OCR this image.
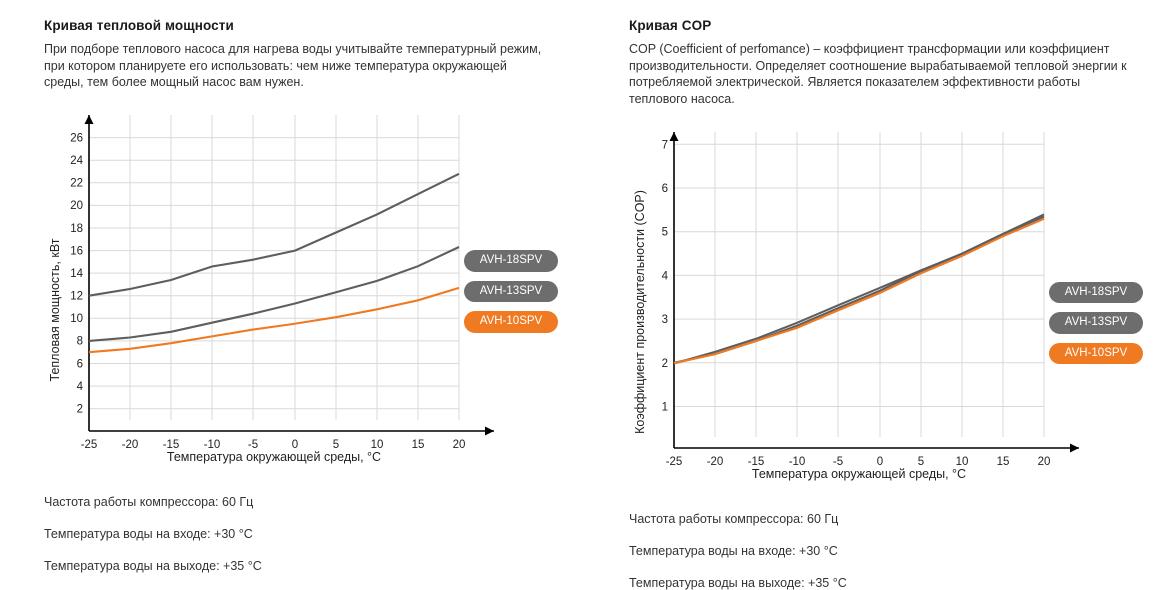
Кривая тепловой мощности

При подборе теплового насоса для нагрева воды учитывайте температурный режим, при котором планируете его использовать: чем ниже температура окружающей среды, тем более мощный насос вам нужен.

2
4
6
8
10
12
14
16
18
20
22
24
26
-25 -20 -15 -10 -5	0	5	10 15 20
Тепловая мощность, кВт	AVH-18SPV
AVH-13SPV
AVH-10SPV
Температура окружающей среды, °C
Частота работы компрессора: 60 Гц
Температура воды на входе: +30 °C
Температура воды на выходе: +35 °C
Кривая COP

COP (Coefficient of perfomance) – коэффициент трансформации или коэффициент производительности. Определяет соотношение вырабатываемой тепловой энергии к потребляемой электрической. Является показателем эффективности работы теплового насоса.

1
2
3
4
5
6
7
-25 -20 -15 -10 -5	0	5	10 15 20
Коэффициент производительности (COP)	AVH-18SPV
AVH-13SPV
AVH-10SPV
Температура окружающей среды, °C
Частота работы компрессора: 60 Гц
Температура воды на входе: +30 °C
Температура воды на выходе: +35 °C
